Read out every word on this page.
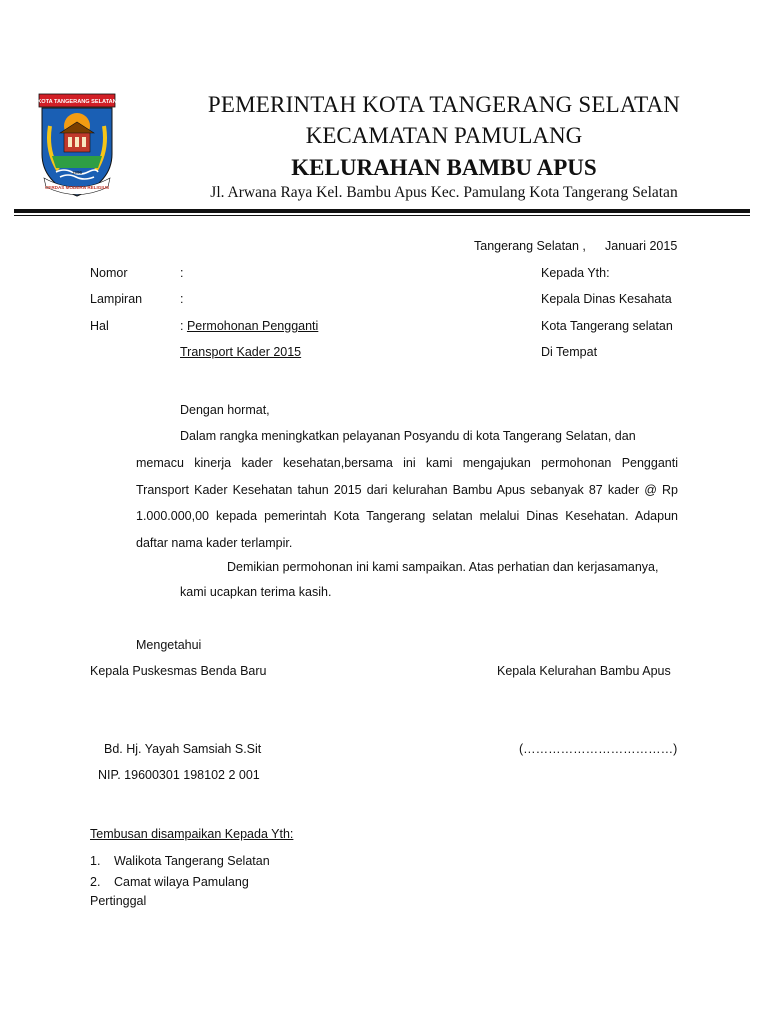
KOTA TANGERANG SELATAN
CERDAS MODERN RELIGIUS
1996
PEMERINTAH KOTA TANGERANG SELATAN
KECAMATAN PAMULANG
KELURAHAN BAMBU APUS
Jl. Arwana Raya Kel. Bambu Apus Kec. Pamulang Kota Tangerang Selatan
Tangerang Selatan , Januari 2015
Nomor	:
Lampiran	:
Hal	: Permohonan Pengganti
Transport Kader 2015
Kepada Yth:
Kepala Dinas Kesahata
Kota Tangerang selatan
Di Tempat
Dengan hormat,
Dalam rangka meningkatkan pelayanan Posyandu di kota Tangerang Selatan, dan
memacu kinerja kader kesehatan,bersama ini kami mengajukan permohonan Pengganti Transport Kader Kesehatan tahun 2015 dari kelurahan Bambu Apus sebanyak 87 kader @ Rp 1.000.000,00 kepada pemerintah Kota Tangerang selatan melalui Dinas Kesehatan. Adapun daftar nama kader terlampir.
Demikian permohonan ini kami sampaikan. Atas perhatian dan kerjasamanya,
kami ucapkan terima kasih.
Mengetahui
Kepala Puskesmas Benda Baru	Kepala Kelurahan Bambu Apus
Bd. Hj. Yayah Samsiah S.Sit	(………………………………)
NIP. 19600301 198102 2 001
Tembusan disampaikan Kepada Yth:
1. Walikota Tangerang Selatan
2. Camat wilaya Pamulang
Pertinggal
